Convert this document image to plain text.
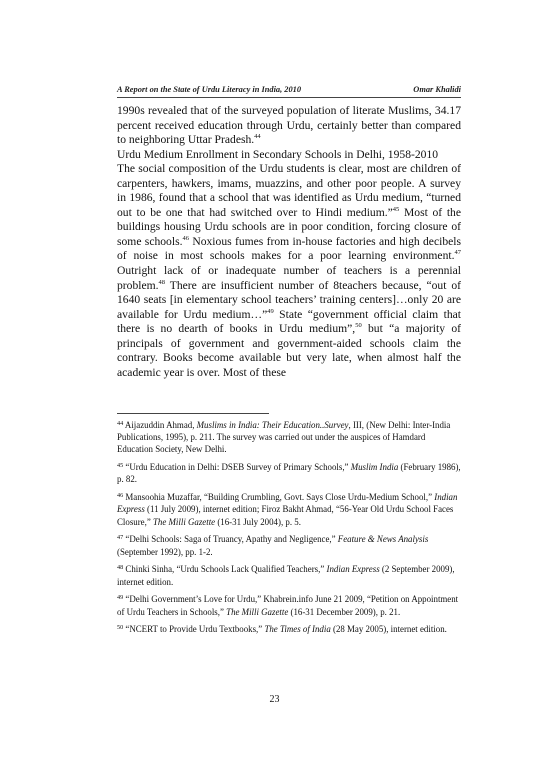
A Report on the State of Urdu Literacy in India, 2010	Omar Khalidi

1990s revealed that of the surveyed population of literate Muslims, 34.17 percent received education through Urdu, certainly better than compared to neighboring Uttar Pradesh.$^{44}$

Urdu Medium Enrollment in Secondary Schools in Delhi, 1958-2010

The social composition of the Urdu students is clear, most are children of carpenters, hawkers, imams, muazzins, and other poor people. A survey in 1986, found that a school that was identified as Urdu medium, “turned out to be one that had switched over to Hindi medium.”$^{45}$ Most of the buildings housing Urdu schools are in poor condition, forcing closure of some schools.$^{46}$ Noxious fumes from in-house factories and high decibels of noise in most schools makes for a poor learning environment.$^{47}$ Outright lack of or inadequate number of teachers is a perennial problem.$^{48}$ There are insufficient number of 8teachers because, “out of 1640 seats [in elementary school teachers’ training centers]…only 20 are available for Urdu medium…”$^{49}$ State “government official claim that there is no dearth of books in Urdu medium”,$^{50}$ but “a majority of principals of government and government-aided schools claim the contrary. Books become available but very late, when almost half the academic year is over. Most of these

$^{44}$ Aijazuddin Ahmad, Muslims in India: Their Education..Survey, III, (New Delhi: Inter-India Publications, 1995), p. 211. The survey was carried out under the auspices of Hamdard Education Society, New Delhi.

$^{45}$ “Urdu Education in Delhi: DSEB Survey of Primary Schools,” Muslim India (February 1986), p. 82.

$^{46}$ Mansoohia Muzaffar, “Building Crumbling, Govt. Says Close Urdu-Medium School,” Indian Express (11 July 2009), internet edition; Firoz Bakht Ahmad, “56-Year Old Urdu School Faces Closure,” The Milli Gazette (16-31 July 2004), p. 5.

$^{47}$ “Delhi Schools: Saga of Truancy, Apathy and Negligence,” Feature & News Analysis (September 1992), pp. 1-2.

$^{48}$ Chinki Sinha, “Urdu Schools Lack Qualified Teachers,” Indian Express (2 September 2009), internet edition.

$^{49}$ “Delhi Government’s Love for Urdu,” Khabrein.info June 21 2009, “Petition on Appointment of Urdu Teachers in Schools,” The Milli Gazette (16-31 December 2009), p. 21.

$^{50}$ “NCERT to Provide Urdu Textbooks,” The Times of India (28 May 2005), internet edition.

23
